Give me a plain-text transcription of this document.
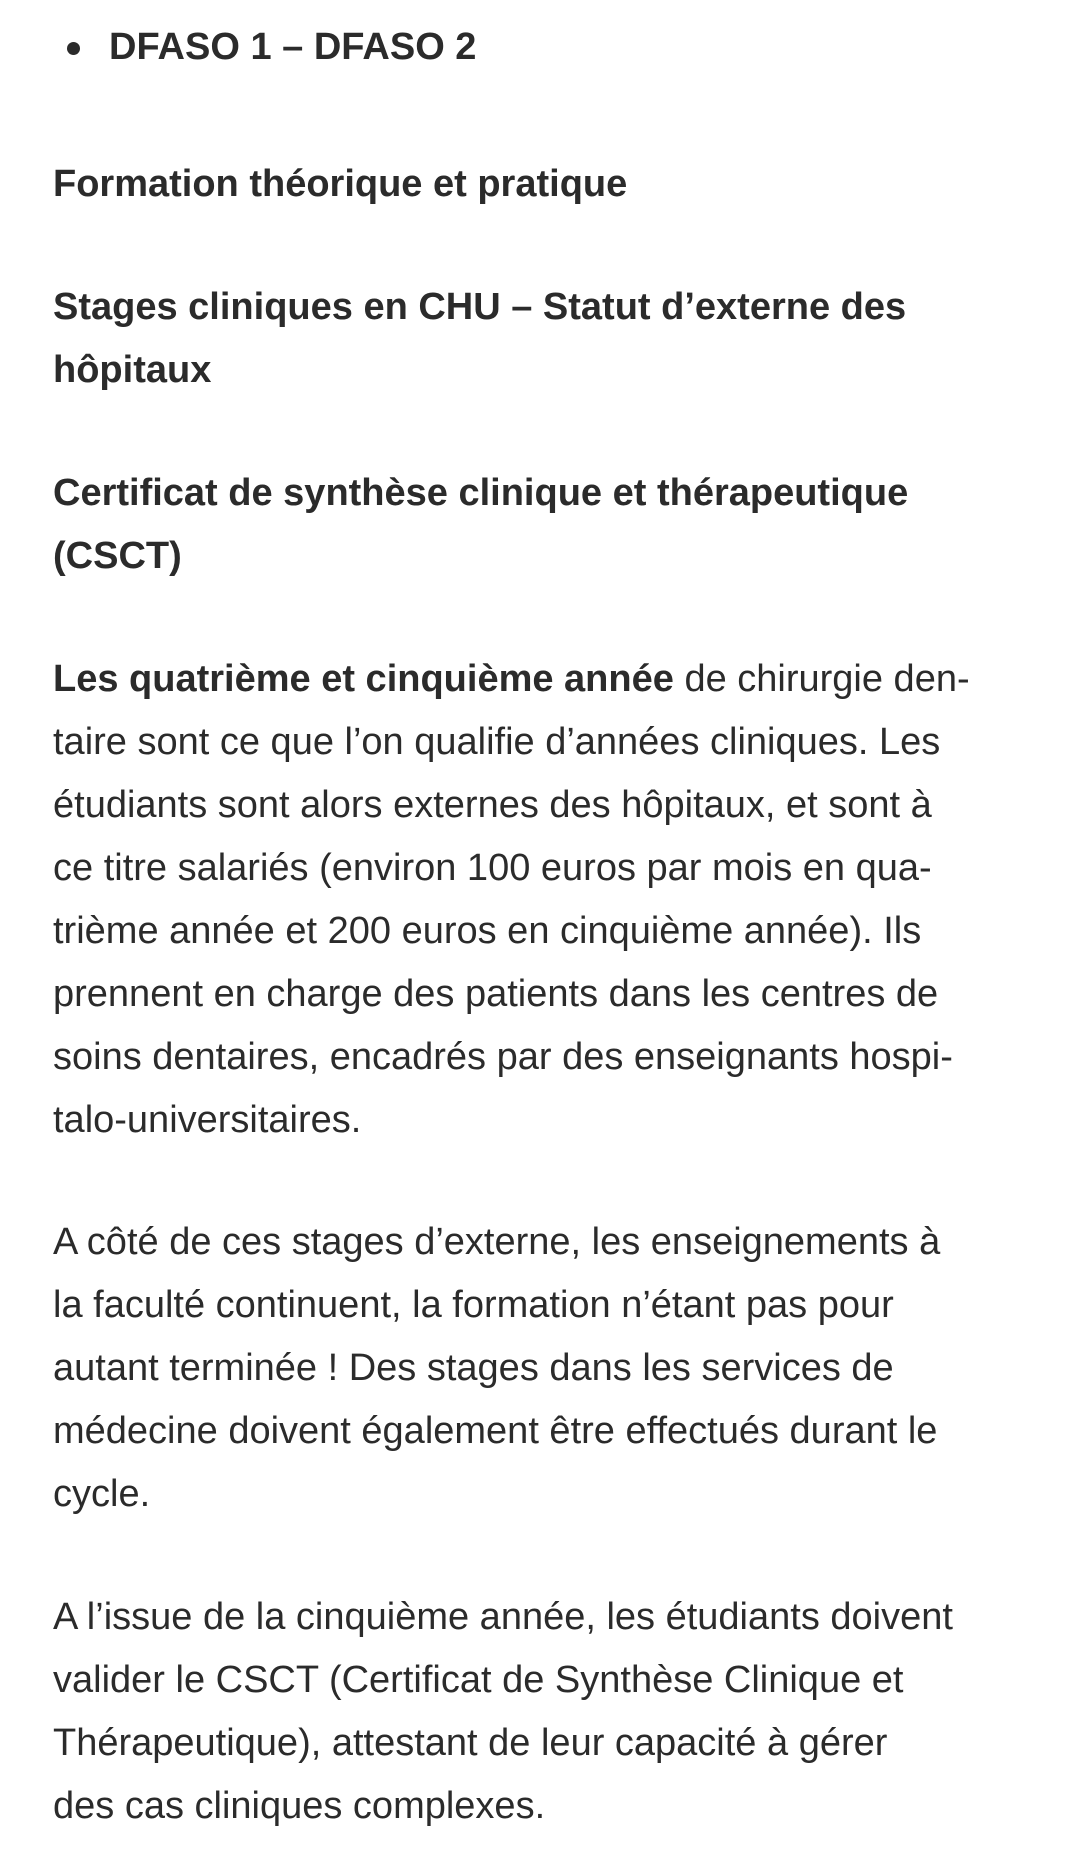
DFASO 1 – DFASO 2
Formation théorique et pratique
Stages cliniques en CHU – Statut d’externe des
hôpitaux
Certificat de synthèse clinique et thérapeutique
(CSCT)

Les quatrième et cinquième année de chirurgie den-
taire sont ce que l’on qualifie d’années cliniques. Les
étudiants sont alors externes des hôpitaux, et sont à
ce titre salariés (environ 100 euros par mois en qua-
trième année et 200 euros en cinquième année). Ils
prennent en charge des patients dans les centres de
soins dentaires, encadrés par des enseignants hospi-
talo-universitaires.

A côté de ces stages d’externe, les enseignements à
la faculté continuent, la formation n’étant pas pour
autant terminée ! Des stages dans les services de
médecine doivent également être effectués durant le
cycle.

A l’issue de la cinquième année, les étudiants doivent
valider le CSCT (Certificat de Synthèse Clinique et
Thérapeutique), attestant de leur capacité à gérer
des cas cliniques complexes.
